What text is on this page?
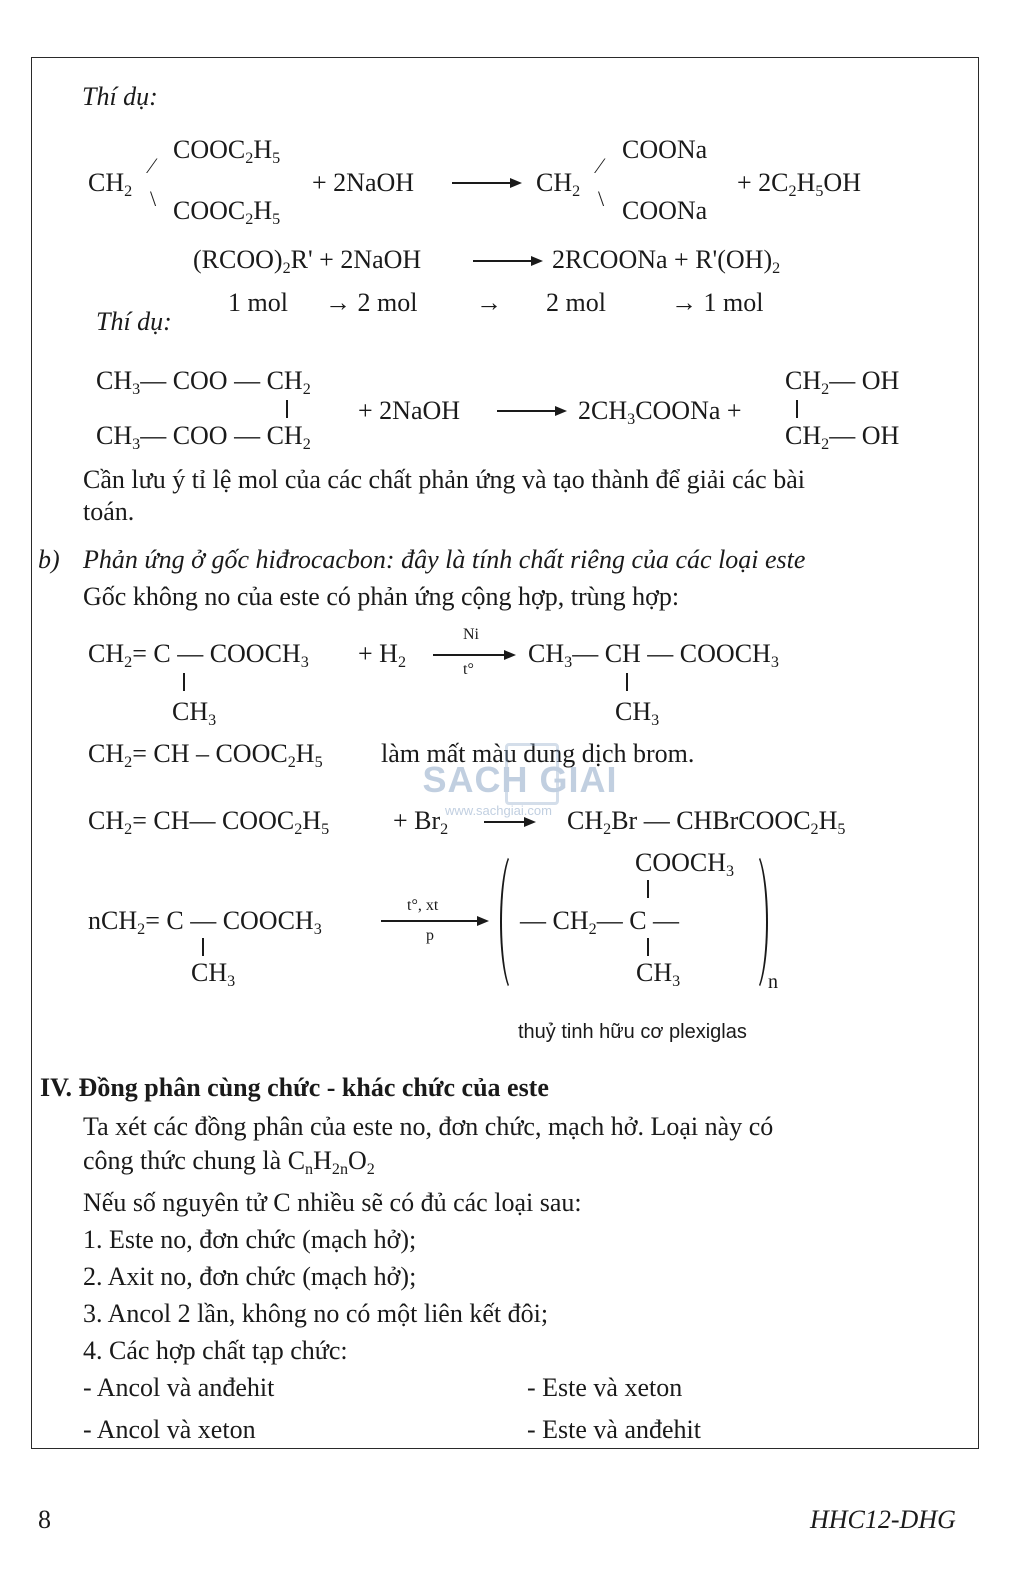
Thí dụ:
$COOC_2H_5$
⁄
$CH_2$ \ $COOC_2H_5$
+ 2NaOH
COONa
⁄
$CH_2$ \ COONa
+ $2C_2H_5OH$
$(RCOO)_2R'$ + 2NaOH	2RCOONa + $R'(OH)_2$
1 mol → 2 mol → 2 mol	→ 1 mol
Thí dụ:
$CH_3—$ COO — $CH_2$
$CH_3—$ COO — $CH_2$
+ 2NaOH	$2CH_3COONa$ +
$CH_2—$ OH
$CH_2—$ OH
Cần lưu ý tỉ lệ mol của các chất phản ứng và tạo thành để giải các bài
toán.
b) Phản ứng ở gốc hiđrocacbon: đây là tính chất riêng của các loại este
Gốc không no của este có phản ứng cộng hợp, trùng hợp:
$CH_2= C$ — $COOCH_3 + H_2$
Ni
t°
$CH_3—$ CH — $COOCH_3$
$CH_3$	$CH_3$
$CH_2=$ CH – $COOC_2H_5$ làm mất màu dung dịch brom.
SACH GIAI
www.sachgiai.com
$CH_2=$ CH— $COOC_2H_5 + Br_2$	$CH_2Br$ — $CHBrCOOC_2H_5$
nCH$_2$= C — $COOCH_3$
t°, xt
p
$CH_3$
$COOCH_3$
— $CH_2—$ C —
$CH_3$	n
thuỷ tinh hữu cơ plexiglas
IV. Đồng phân cùng chức - khác chức của este
Ta xét các đồng phân của este no, đơn chức, mạch hở. Loại này có
công thức chung là $C_nH_{2n}O_2$
Nếu số nguyên tử C nhiều sẽ có đủ các loại sau:
1. Este no, đơn chức (mạch hở);
2. Axit no, đơn chức (mạch hở);
3. Ancol 2 lần, không no có một liên kết đôi;
4. Các hợp chất tạp chức:
- Ancol và anđehit	- Este và xeton
- Ancol và xeton	- Este và anđehit
8	HHC12-DHG
